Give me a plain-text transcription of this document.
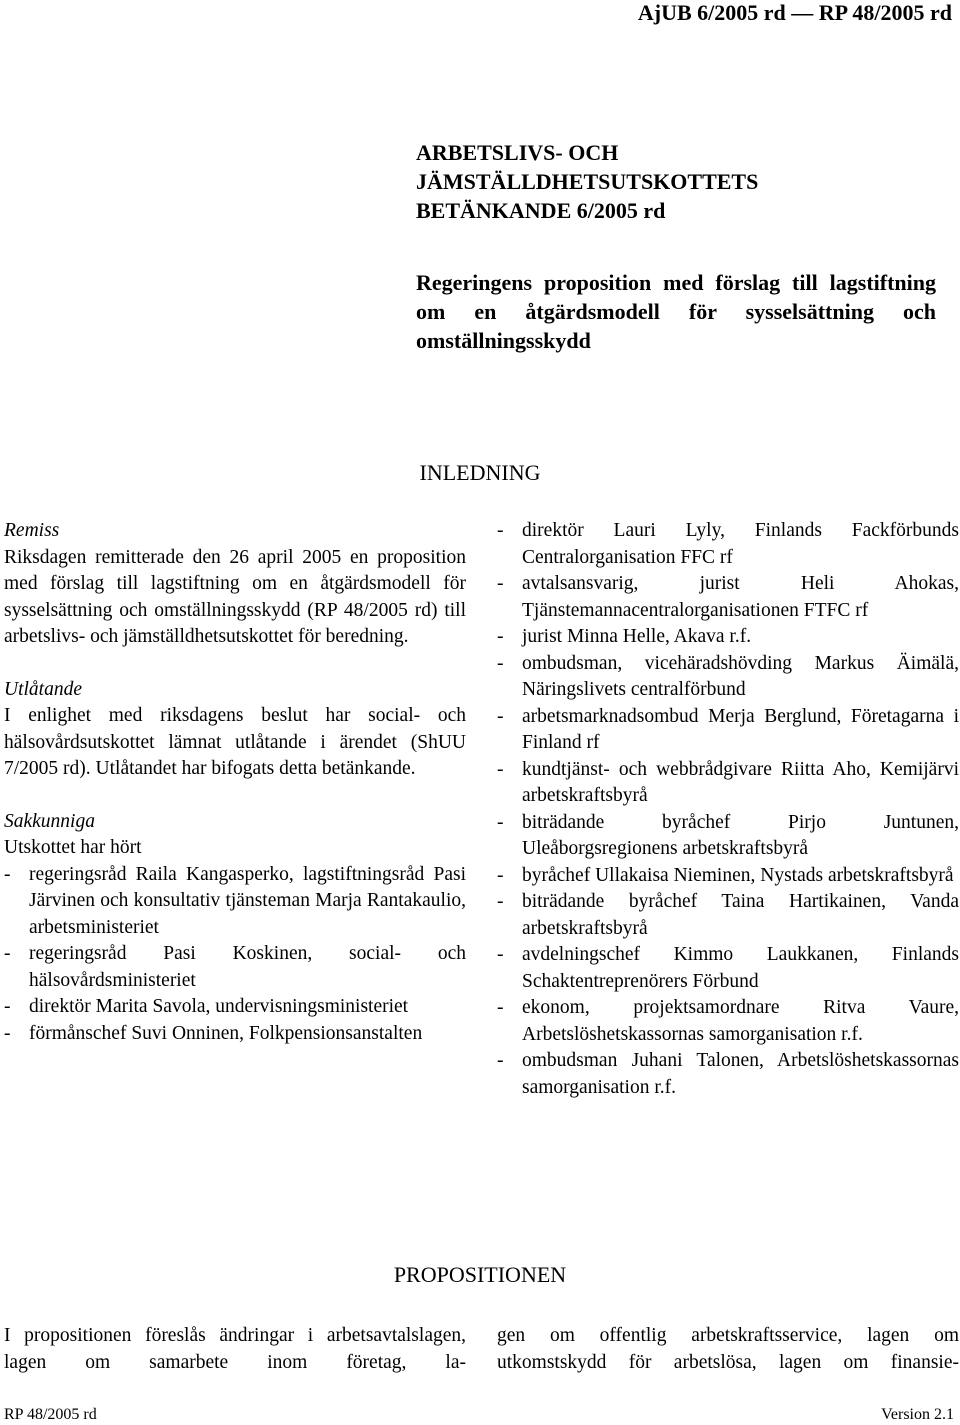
AjUB 6/2005 rd — RP 48/2005 rd
ARBETSLIVS- OCH
JÄMSTÄLLDHETSUTSKOTTETS
BETÄNKANDE 6/2005 rd
Regeringens proposition med förslag till lagstiftning om en åtgärdsmodell för sysselsättning och omställningsskydd
INLEDNING
Remiss
Riksdagen remitterade den 26 april 2005 en proposition med förslag till lagstiftning om en åtgärdsmodell för sysselsättning och omställningsskydd (RP 48/2005 rd) till arbetslivs- och jämställdhetsutskottet för beredning.
Utlåtande
I enlighet med riksdagens beslut har social- och hälsovårdsutskottet lämnat utlåtande i ärendet (ShUU 7/2005 rd). Utlåtandet har bifogats detta betänkande.
Sakkunniga
Utskottet har hört
- regeringsråd Raila Kangasperko, lagstiftningsråd Pasi Järvinen och konsultativ tjänsteman Marja Rantakaulio, arbetsministeriet
- regeringsråd Pasi Koskinen, social- och hälsovårdsministeriet
- direktör Marita Savola, undervisningsministeriet
- förmånschef Suvi Onninen, Folkpensionsanstalten
- direktör Lauri Lyly, Finlands Fackförbunds Centralorganisation FFC rf
- avtalsansvarig, jurist Heli Ahokas, Tjänstemannacentralorganisationen FTFC rf
- jurist Minna Helle, Akava r.f.
- ombudsman, vicehäradshövding Markus Äimälä, Näringslivets centralförbund
- arbetsmarknadsombud Merja Berglund, Företagarna i Finland rf
- kundtjänst- och webbrådgivare Riitta Aho, Kemijärvi arbetskraftsbyrå
- biträdande byråchef Pirjo Juntunen, Uleåborgsregionens arbetskraftsbyrå
- byråchef Ullakaisa Nieminen, Nystads arbetskraftsbyrå
- biträdande byråchef Taina Hartikainen, Vanda arbetskraftsbyrå
- avdelningschef Kimmo Laukkanen, Finlands Schaktentreprenörers Förbund
- ekonom, projektsamordnare Ritva Vaure, Arbetslöshetskassornas samorganisation r.f.
- ombudsman Juhani Talonen, Arbetslöshetskassornas samorganisation r.f.
PROPOSITIONEN
I propositionen föreslås ändringar i arbetsavtalslagen, lagen om samarbete inom företag, la-
gen om offentlig arbetskraftsservice, lagen om utkomstskydd för arbetslösa, lagen om finansie-
RP 48/2005 rd	Version 2.1
